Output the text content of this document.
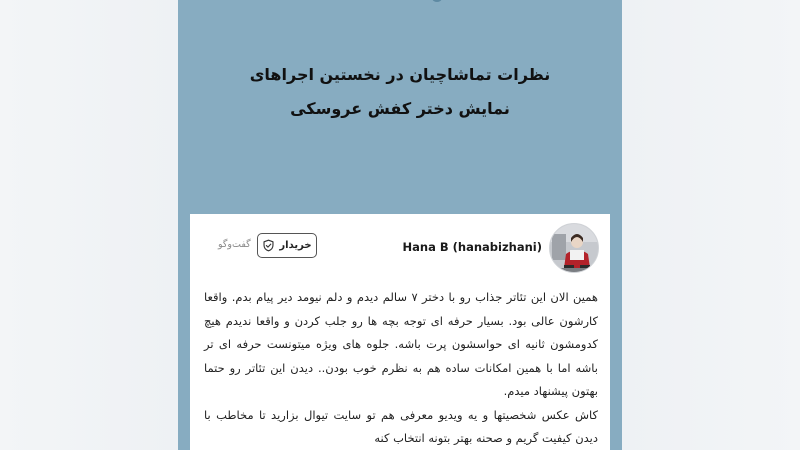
نظرات تماشاچیان در نخستین اجراهای
نمایش دختر کفش عروسکی
Hana B (hanabizhani)
خریدار
گفت‌وگو

همین الان این تئاتر جذاب رو با دختر ۷ سالم دیدم و دلم نیومد دیر پیام بدم. واقعا کارشون عالی بود. بسیار حرفه ای توجه بچه ها رو جلب کردن و واقعا ندیدم هیچ کدومشون ثانیه ای حواسشون پرت باشه. جلوه های ویژه میتونست حرفه ای تر باشه اما با همین امکانات ساده هم به نظرم خوب بودن.. دیدن این تئاتر رو حتما بهتون پیشنهاد میدم.

کاش عکس شخصیتها و یه ویدیو معرفی هم تو سایت تیوال بزارید تا مخاطب با دیدن کیفیت گریم و صحنه بهتر بتونه انتخاب کنه
